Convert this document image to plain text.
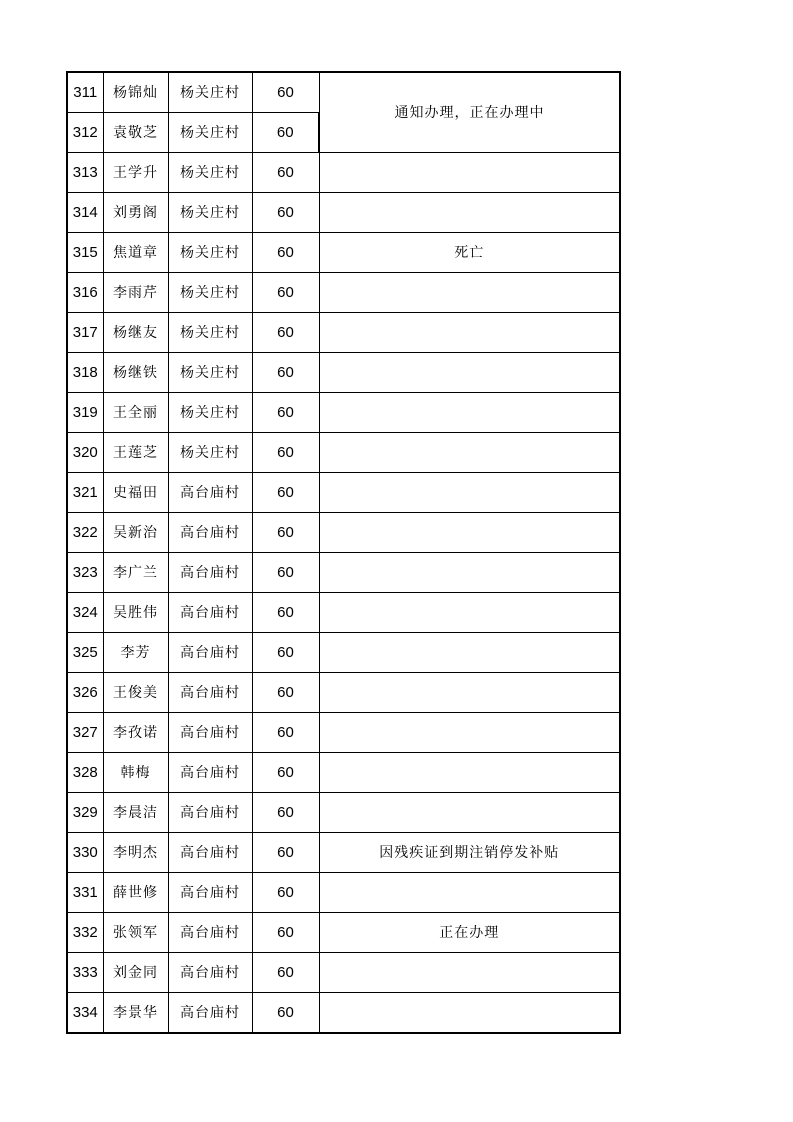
311	杨锦灿	杨关庄村	60	通知办理，正在办理中
312	袁敬芝	杨关庄村	60	
313	王学升	杨关庄村	60	
314	刘勇阁	杨关庄村	60	
315	焦道章	杨关庄村	60	死亡
316	李雨芹	杨关庄村	60	
317	杨继友	杨关庄村	60	
318	杨继铁	杨关庄村	60	
319	王全丽	杨关庄村	60	
320	王莲芝	杨关庄村	60	
321	史福田	高台庙村	60	
322	吴新治	高台庙村	60	
323	李广兰	高台庙村	60	
324	吴胜伟	高台庙村	60	
325	李芳	高台庙村	60	
326	王俊美	高台庙村	60	
327	李孜诺	高台庙村	60	
328	韩梅	高台庙村	60	
329	李晨洁	高台庙村	60	
330	李明杰	高台庙村	60	因残疾证到期注销停发补贴
331	薛世修	高台庙村	60	
332	张领军	高台庙村	60	正在办理
333	刘金同	高台庙村	60	
334	李景华	高台庙村	60	
